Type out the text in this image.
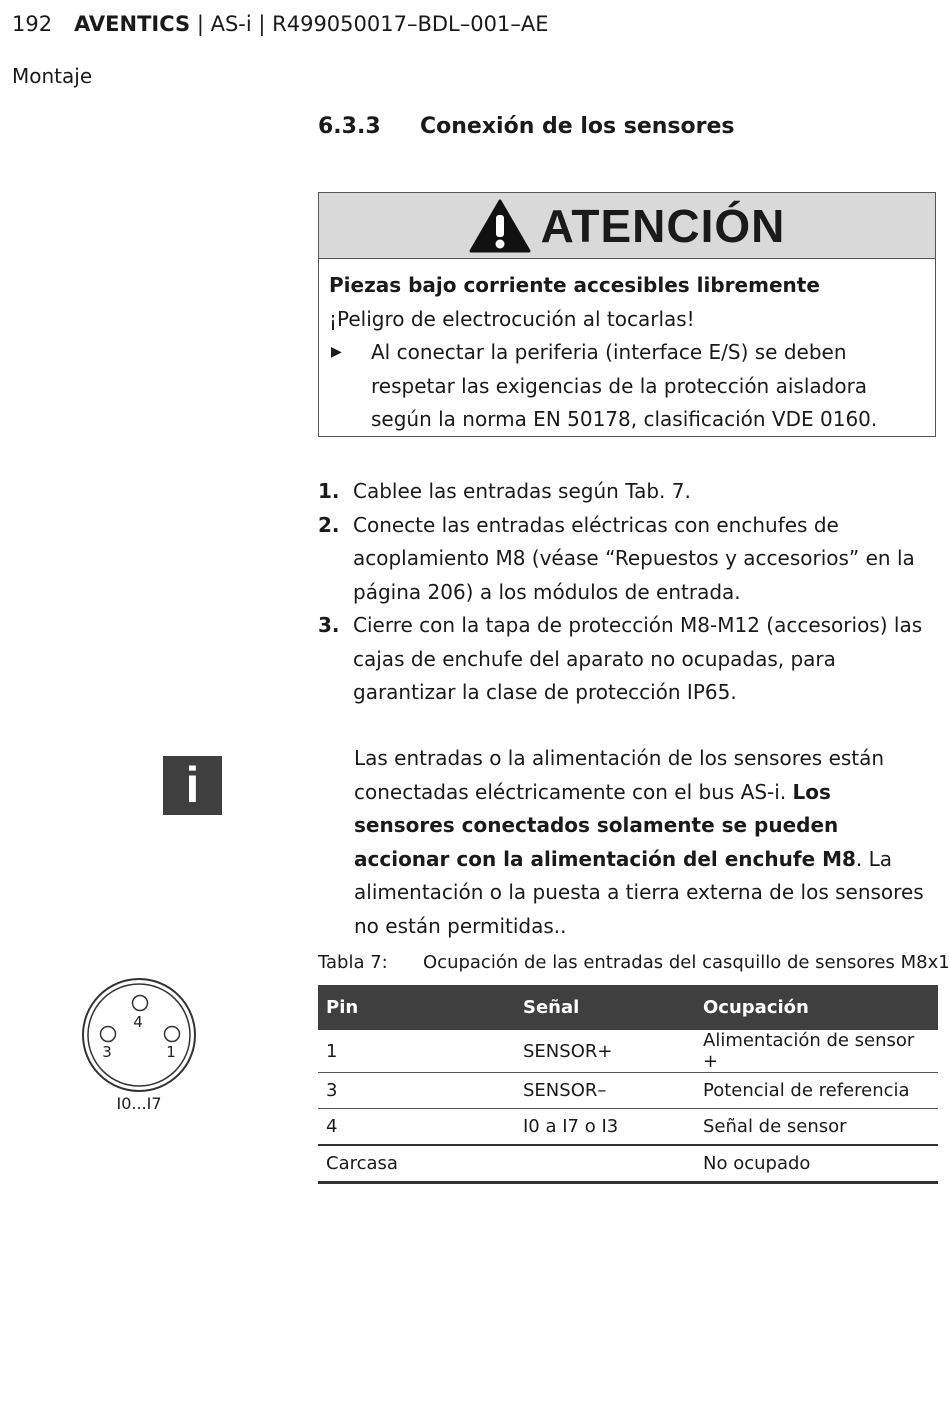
192 AVENTICS | AS-i | R499050017–BDL–001–AE
Montaje
6.3.3 Conexión de los sensores
ATENCIÓN
Piezas bajo corriente accesibles libremente
¡Peligro de electrocución al tocarlas!
▶	Al conectar la periferia (interface E/S) se deben respetar las exigencias de la protección aisladora según la norma EN 50178, clasificación VDE 0160.
1. Cablee las entradas según Tab. 7.
2. Conecte las entradas eléctricas con enchufes de acoplamiento M8 (véase “Repuestos y accesorios” en la página 206) a los módulos de entrada.
3. Cierre con la tapa de protección M8-M12 (accesorios) las cajas de enchufe del aparato no ocupadas, para garantizar la clase de protección IP65.
i	Las entradas o la alimentación de los sensores están conectadas eléctricamente con el bus AS-i. Los sensores conectados solamente se pueden accionar con la alimentación del enchufe M8. La alimentación o la puesta a tierra externa de los sensores no están permitidas..
4
3	1
I0...I7
Tabla 7: Ocupación de las entradas del casquillo de sensores M8x1
Pin	Señal	Ocupación
1	SENSOR+	Alimentación de sensor +
3	SENSOR–	Potencial de referencia
4	I0 a I7 o I3	Señal de sensor
Carcasa		No ocupado
